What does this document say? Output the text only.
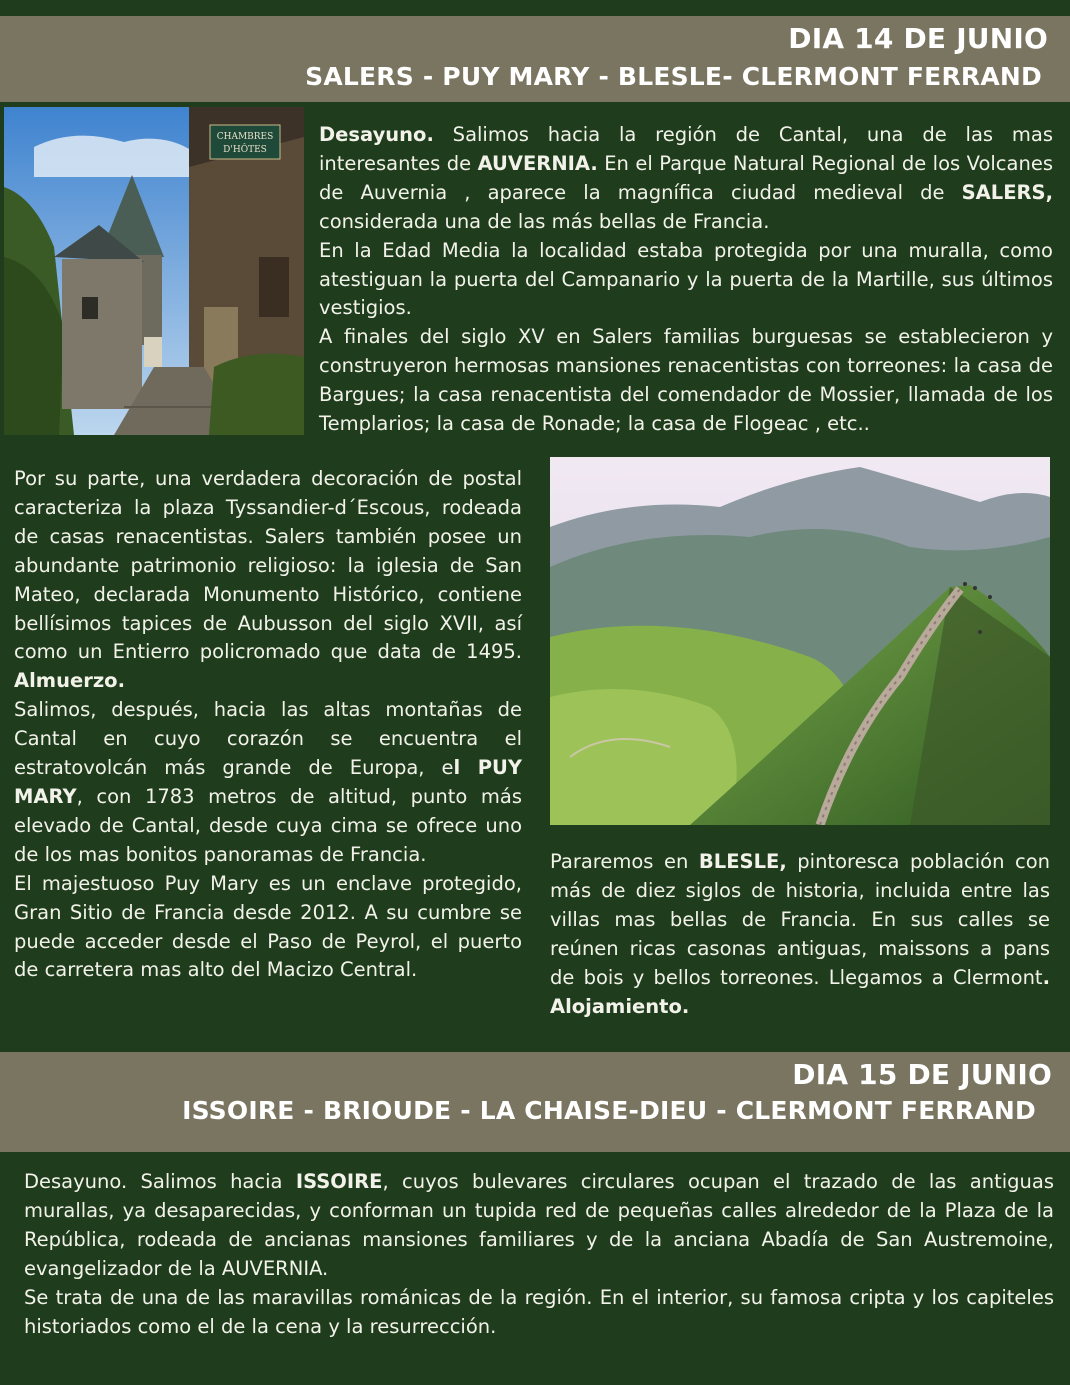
DIA 14 DE JUNIO
SALERS - PUY MARY - BLESLE- CLERMONT FERRAND
CHAMBRES
D'HÔTES

Desayuno. Salimos hacia la región de Cantal, una de las mas interesantes de AUVERNIA. En el Parque Natural Regional de los Volcanes de Auvernia , aparece la magnífica ciudad medieval de SALERS, considerada una de las más bellas de Francia.
En la Edad Media la localidad estaba protegida por una muralla, como atestiguan la puerta del Campanario y la puerta de la Martille, sus últimos vestigios.
A finales del siglo XV en Salers familias burguesas se establecieron y construyeron hermosas mansiones renacentistas con torreones: la casa de Bargues; la casa renacentista del comendador de Mossier, llamada de los Templarios; la casa de Ronade; la casa de Flogeac , etc..

Por su parte, una verdadera decoración de postal caracteriza la plaza Tyssandier-d´Escous, rodeada de casas renacentistas. Salers también posee un abundante patrimonio religioso: la iglesia de San Mateo, declarada Monumento Histórico, contiene bellísimos tapices de Aubusson del siglo XVII, así como un Entierro policromado que data de 1495. Almuerzo.
Salimos, después, hacia las altas montañas de Cantal en cuyo corazón se encuentra el estratovolcán más grande de Europa, el PUY MARY, con 1783 metros de altitud, punto más elevado de Cantal, desde cuya cima se ofrece uno de los mas bonitos panoramas de Francia.
El majestuoso Puy Mary es un enclave protegido, Gran Sitio de Francia desde 2012. A su cumbre se puede acceder desde el Paso de Peyrol, el puerto de carretera mas alto del Macizo Central.

Pararemos en BLESLE, pintoresca población con más de diez siglos de historia, incluida entre las villas mas bellas de Francia. En sus calles se reúnen ricas casonas antiguas, maissons a pans de bois y bellos torreones. Llegamos a Clermont. Alojamiento.

DIA 15 DE JUNIO
ISSOIRE - BRIOUDE - LA CHAISE-DIEU - CLERMONT FERRAND

Desayuno. Salimos hacia ISSOIRE, cuyos bulevares circulares ocupan el trazado de las antiguas murallas, ya desaparecidas, y conforman un tupida red de pequeñas calles alrededor de la Plaza de la República, rodeada de ancianas mansiones familiares y de la anciana Abadía de San Austremoine, evangelizador de la AUVERNIA.
Se trata de una de las maravillas románicas de la región. En el interior, su famosa cripta y los capiteles historiados como el de la cena y la resurrección.
